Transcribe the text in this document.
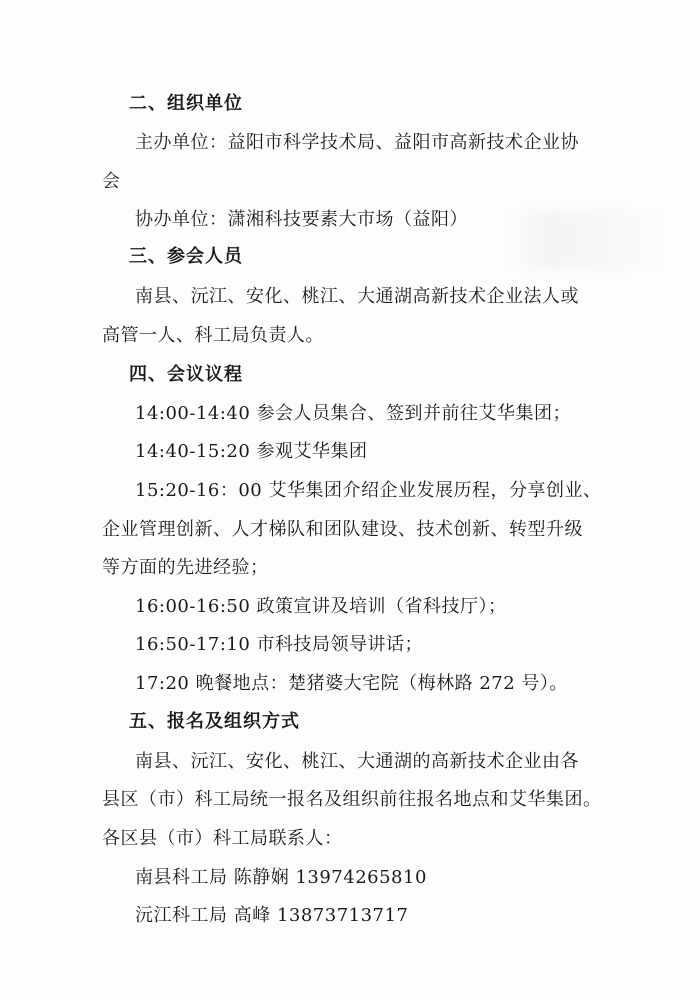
二、组织单位
主办单位：益阳市科学技术局、益阳市高新技术企业协
会
协办单位：潇湘科技要素大市场（益阳）
三、参会人员
南县、沅江、安化、桃江、大通湖高新技术企业法人或
高管一人、科工局负责人。
四、会议议程
14:00-14:40 参会人员集合、签到并前往艾华集团；
14:40-15:20 参观艾华集团
15:20-16：00 艾华集团介绍企业发展历程，分享创业、
企业管理创新、人才梯队和团队建设、技术创新、转型升级
等方面的先进经验；
16:00-16:50 政策宣讲及培训（省科技厅）；
16:50-17:10 市科技局领导讲话；
17:20 晚餐地点：楚猪婆大宅院（梅林路 272 号）。
五、报名及组织方式
南县、沅江、安化、桃江、大通湖的高新技术企业由各
县区（市）科工局统一报名及组织前往报名地点和艾华集团。
各区县（市）科工局联系人：
南县科工局 陈静娴 13974265810
沅江科工局 高峰 13873713717
